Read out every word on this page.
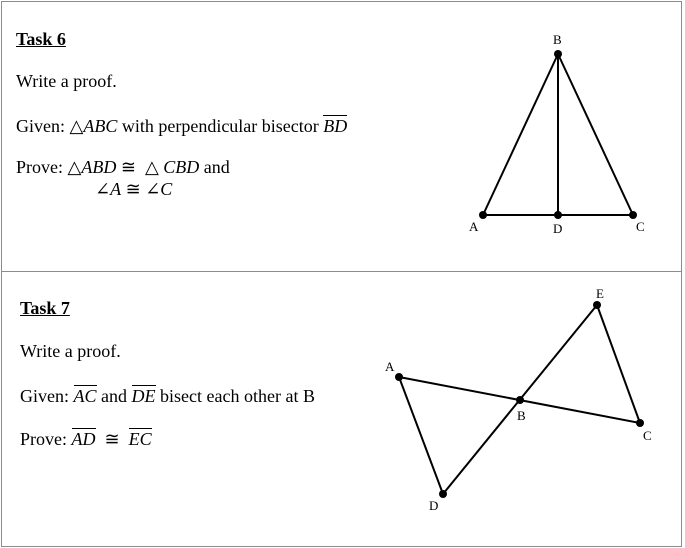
Task 6
Write a proof.
Given: △ABC with perpendicular bisector BD
Prove: △ABD ≅ △ CBD and
∠A ≅ ∠C
B
A	D	C
Task 7
Write a proof.
Given: AC and DE bisect each other at B
Prove: AD ≅ EC
A
B
C
D
E
